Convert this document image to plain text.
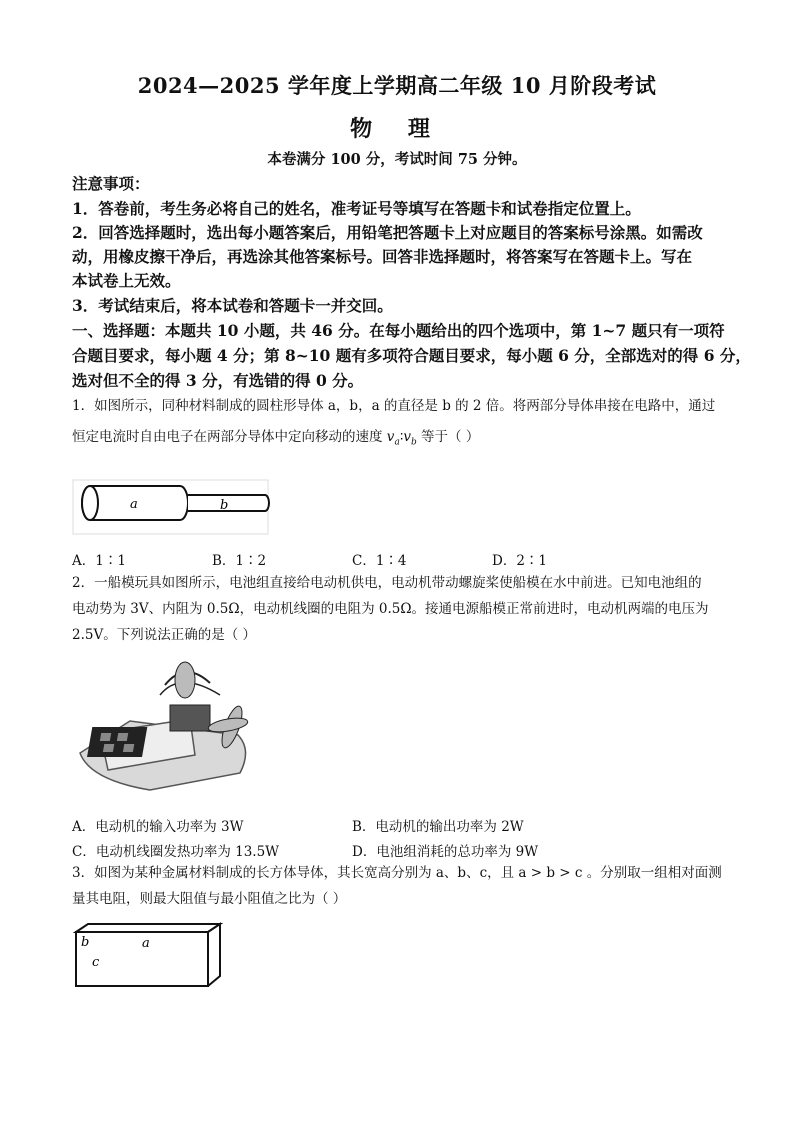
2024—2025 学年度上学期高二年级 10 月阶段考试
物 理
本卷满分 100 分，考试时间 75 分钟。
注意事项：
1．答卷前，考生务必将自己的姓名，准考证号等填写在答题卡和试卷指定位置上。
2．回答选择题时，选出每小题答案后，用铅笔把答题卡上对应题目的答案标号涂黑。如需改
动，用橡皮擦干净后，再选涂其他答案标号。回答非选择题时，将答案写在答题卡上。写在
本试卷上无效。
3．考试结束后，将本试卷和答题卡一并交回。
一、选择题：本题共 10 小题，共 46 分。在每小题给出的四个选项中，第 1~7 题只有一项符
合题目要求，每小题 4 分；第 8~10 题有多项符合题目要求，每小题 6 分，全部选对的得 6 分，
选对但不全的得 3 分，有选错的得 0 分。
1．如图所示，同种材料制成的圆柱形导体 a，b，a 的直径是 b 的 2 倍。将两部分导体串接在电路中，通过
恒定电流时自由电子在两部分导体中定向移动的速度 $v_a∶v_b$ 等于（ ）
a	b
A．1∶1	B．1∶2	C．1∶4	D．2∶1
2．一船模玩具如图所示，电池组直接给电动机供电，电动机带动螺旋桨使船模在水中前进。已知电池组的
电动势为 3V、内阻为 0.5Ω，电动机线圈的电阻为 0.5Ω。接通电源船模正常前进时，电动机两端的电压为
2.5V。下列说法正确的是（ ）
A．电动机的输入功率为 3W	B．电动机的输出功率为 2W
C．电动机线圈发热功率为 13.5W	D．电池组消耗的总功率为 9W
3．如图为某种金属材料制成的长方体导体，其长宽高分别为 a、b、c，且 a > b > c 。分别取一组相对面测
量其电阻，则最大阻值与最小阻值之比为（ ）
b	a
c
